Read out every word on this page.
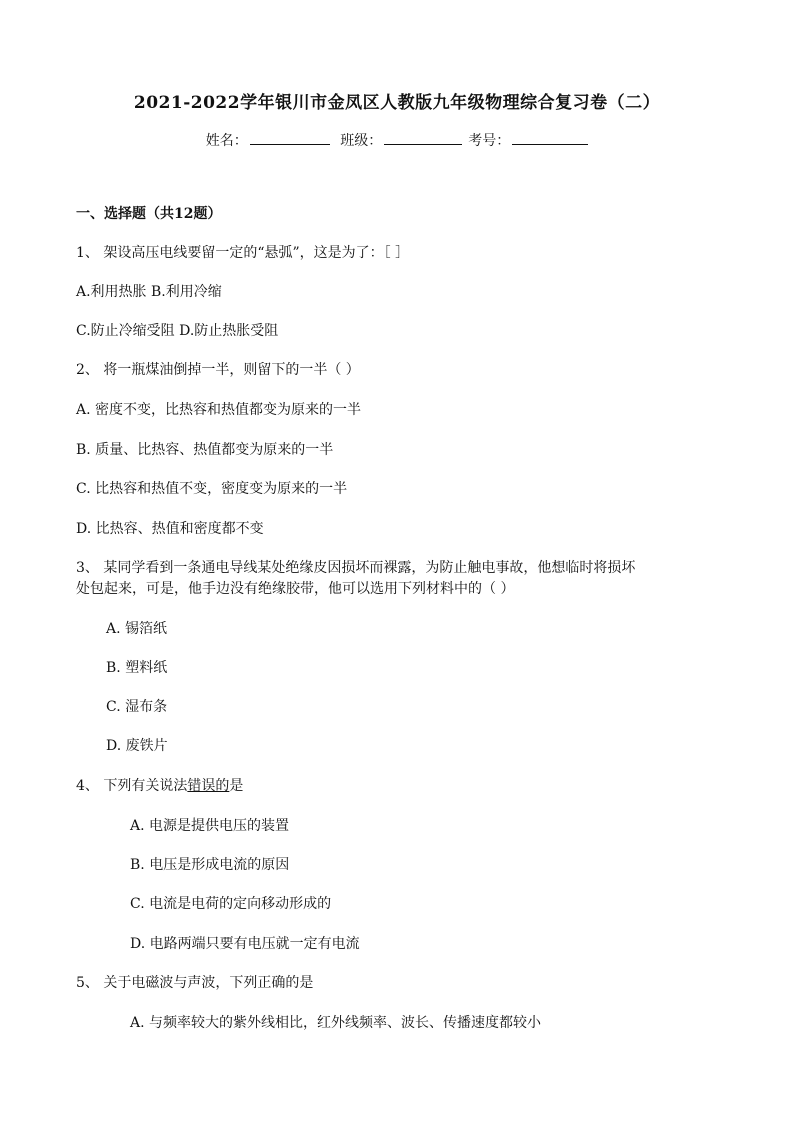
2021-2022学年银川市金凤区人教版九年级物理综合复习卷（二）
姓名：	班级：	考号：
一、选择题（共12题）
1、 架设高压电线要留一定的“悬弧”，这是为了：［ ］
A.利用热胀 B.利用冷缩
C.防止冷缩受阻 D.防止热胀受阻
2、 将一瓶煤油倒掉一半，则留下的一半（ ）
A. 密度不变，比热容和热值都变为原来的一半
B. 质量、比热容、热值都变为原来的一半
C. 比热容和热值不变，密度变为原来的一半
D. 比热容、热值和密度都不变
3、 某同学看到一条通电导线某处绝缘皮因损坏而裸露，为防止触电事故，他想临时将损坏
处包起来，可是，他手边没有绝缘胶带，他可以选用下列材料中的（ ）
A. 锡箔纸
B. 塑料纸
C. 湿布条
D. 废铁片
4、 下列有关说法错误的是
A. 电源是提供电压的装置
B. 电压是形成电流的原因
C. 电流是电荷的定向移动形成的
D. 电路两端只要有电压就一定有电流
5、 关于电磁波与声波，下列正确的是
A. 与频率较大的紫外线相比，红外线频率、波长、传播速度都较小
